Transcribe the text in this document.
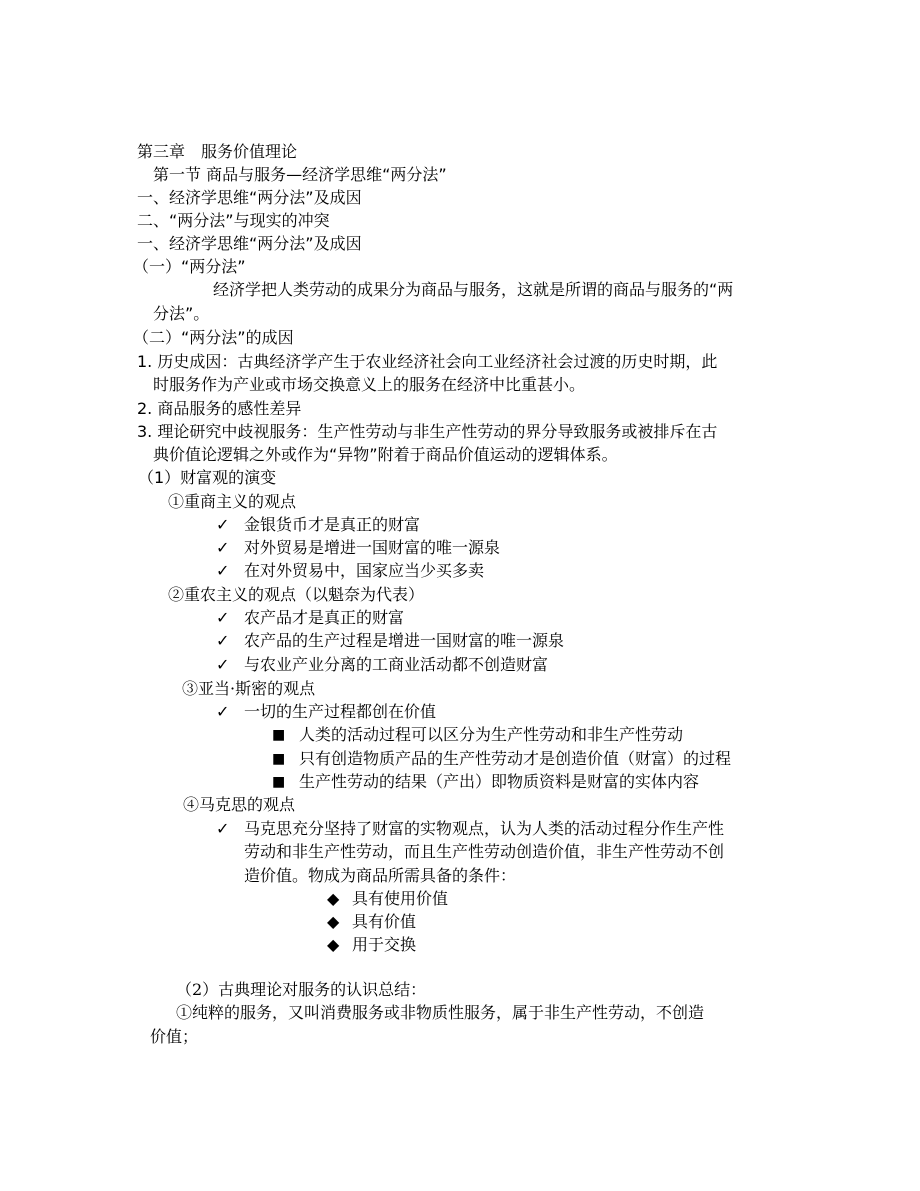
第三章　服务价值理论
第一节 商品与服务—经济学思维“两分法”
一、经济学思维“两分法”及成因
二、“两分法”与现实的冲突
一、经济学思维“两分法”及成因
（一）“两分法”
经济学把人类劳动的成果分为商品与服务，这就是所谓的商品与服务的“两
分法”。
（二）“两分法”的成因
1. 历史成因：古典经济学产生于农业经济社会向工业经济社会过渡的历史时期，此
时服务作为产业或市场交换意义上的服务在经济中比重甚小。
2. 商品服务的感性差异
3. 理论研究中歧视服务：生产性劳动与非生产性劳动的界分导致服务或被排斥在古
典价值论逻辑之外或作为“异物”附着于商品价值运动的逻辑体系。
（1）财富观的演变
①重商主义的观点
金银货币才是真正的财富
✓
对外贸易是增进一国财富的唯一源泉
✓
在对外贸易中，国家应当少买多卖
✓
②重农主义的观点（以魁奈为代表）
农产品才是真正的财富
✓
农产品的生产过程是增进一国财富的唯一源泉
✓
与农业产业分离的工商业活动都不创造财富
✓
③亚当·斯密的观点
一切的生产过程都创在价值
✓
人类的活动过程可以区分为生产性劳动和非生产性劳动
■
只有创造物质产品的生产性劳动才是创造价值（财富）的过程
■
生产性劳动的结果（产出）即物质资料是财富的实体内容
■
④马克思的观点
马克思充分坚持了财富的实物观点，认为人类的活动过程分作生产性
✓
劳动和非生产性劳动，而且生产性劳动创造价值，非生产性劳动不创
造价值。物成为商品所需具备的条件：
具有使用价值
◆
具有价值
◆
用于交换
◆
（2）古典理论对服务的认识总结：
①纯粹的服务，又叫消费服务或非物质性服务，属于非生产性劳动，不创造
价值；
